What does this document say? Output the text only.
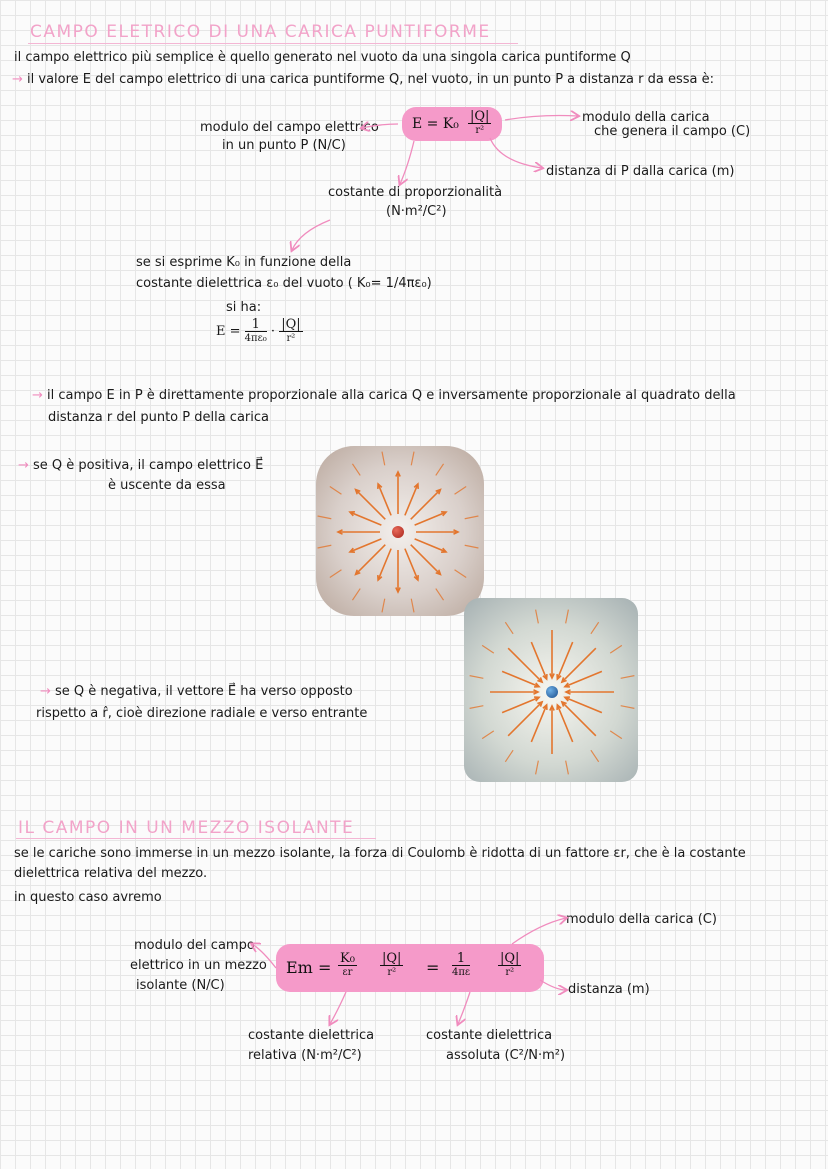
CAMPO ELETRICO DI UNA CARICA PUNTIFORME
il campo elettrico più semplice è quello generato nel vuoto da una singola carica puntiforme Q
→ il valore E del campo elettrico di una carica puntiforme Q, nel vuoto, in un punto P a distanza r da essa è:
modulo del campo elettrico
in un punto P (N/C)
E = K₀ |Q|
r²
modulo della carica
che genera il campo (C)
distanza di P dalla carica (m)
costante di proporzionalità
(N·m²/C²)
se si esprime K₀ in funzione della
costante dielettrica ε₀ del vuoto ( K₀= 1/4πε₀)
si ha:
$E = \frac{1}{\text{4πε₀}} \cdot \frac{|Q|}{\text{r²}}$
→ il campo E in P è direttamente proporzionale alla carica Q e inversamente proporzionale al quadrato della
distanza r del punto P della carica
→ se Q è positiva, il campo elettrico E⃗
è uscente da essa
→ se Q è negativa, il vettore E⃗ ha verso opposto
rispetto a r̂, cioè direzione radiale e verso entrante
IL CAMPO IN UN MEZZO ISOLANTE
se le cariche sono immerse in un mezzo isolante, la forza di Coulomb è ridotta di un fattore εr, che è la costante
dielettrica relativa del mezzo.
in questo caso avremo
modulo del campo
elettrico in un mezzo
isolante (N/C)
Em = K₀
εr
|Q|
r²	=	1
4πε
|Q|
r²
modulo della carica (C)
distanza (m)
costante dielettrica
relativa (N·m²/C²)
costante dielettrica
assoluta (C²/N·m²)
